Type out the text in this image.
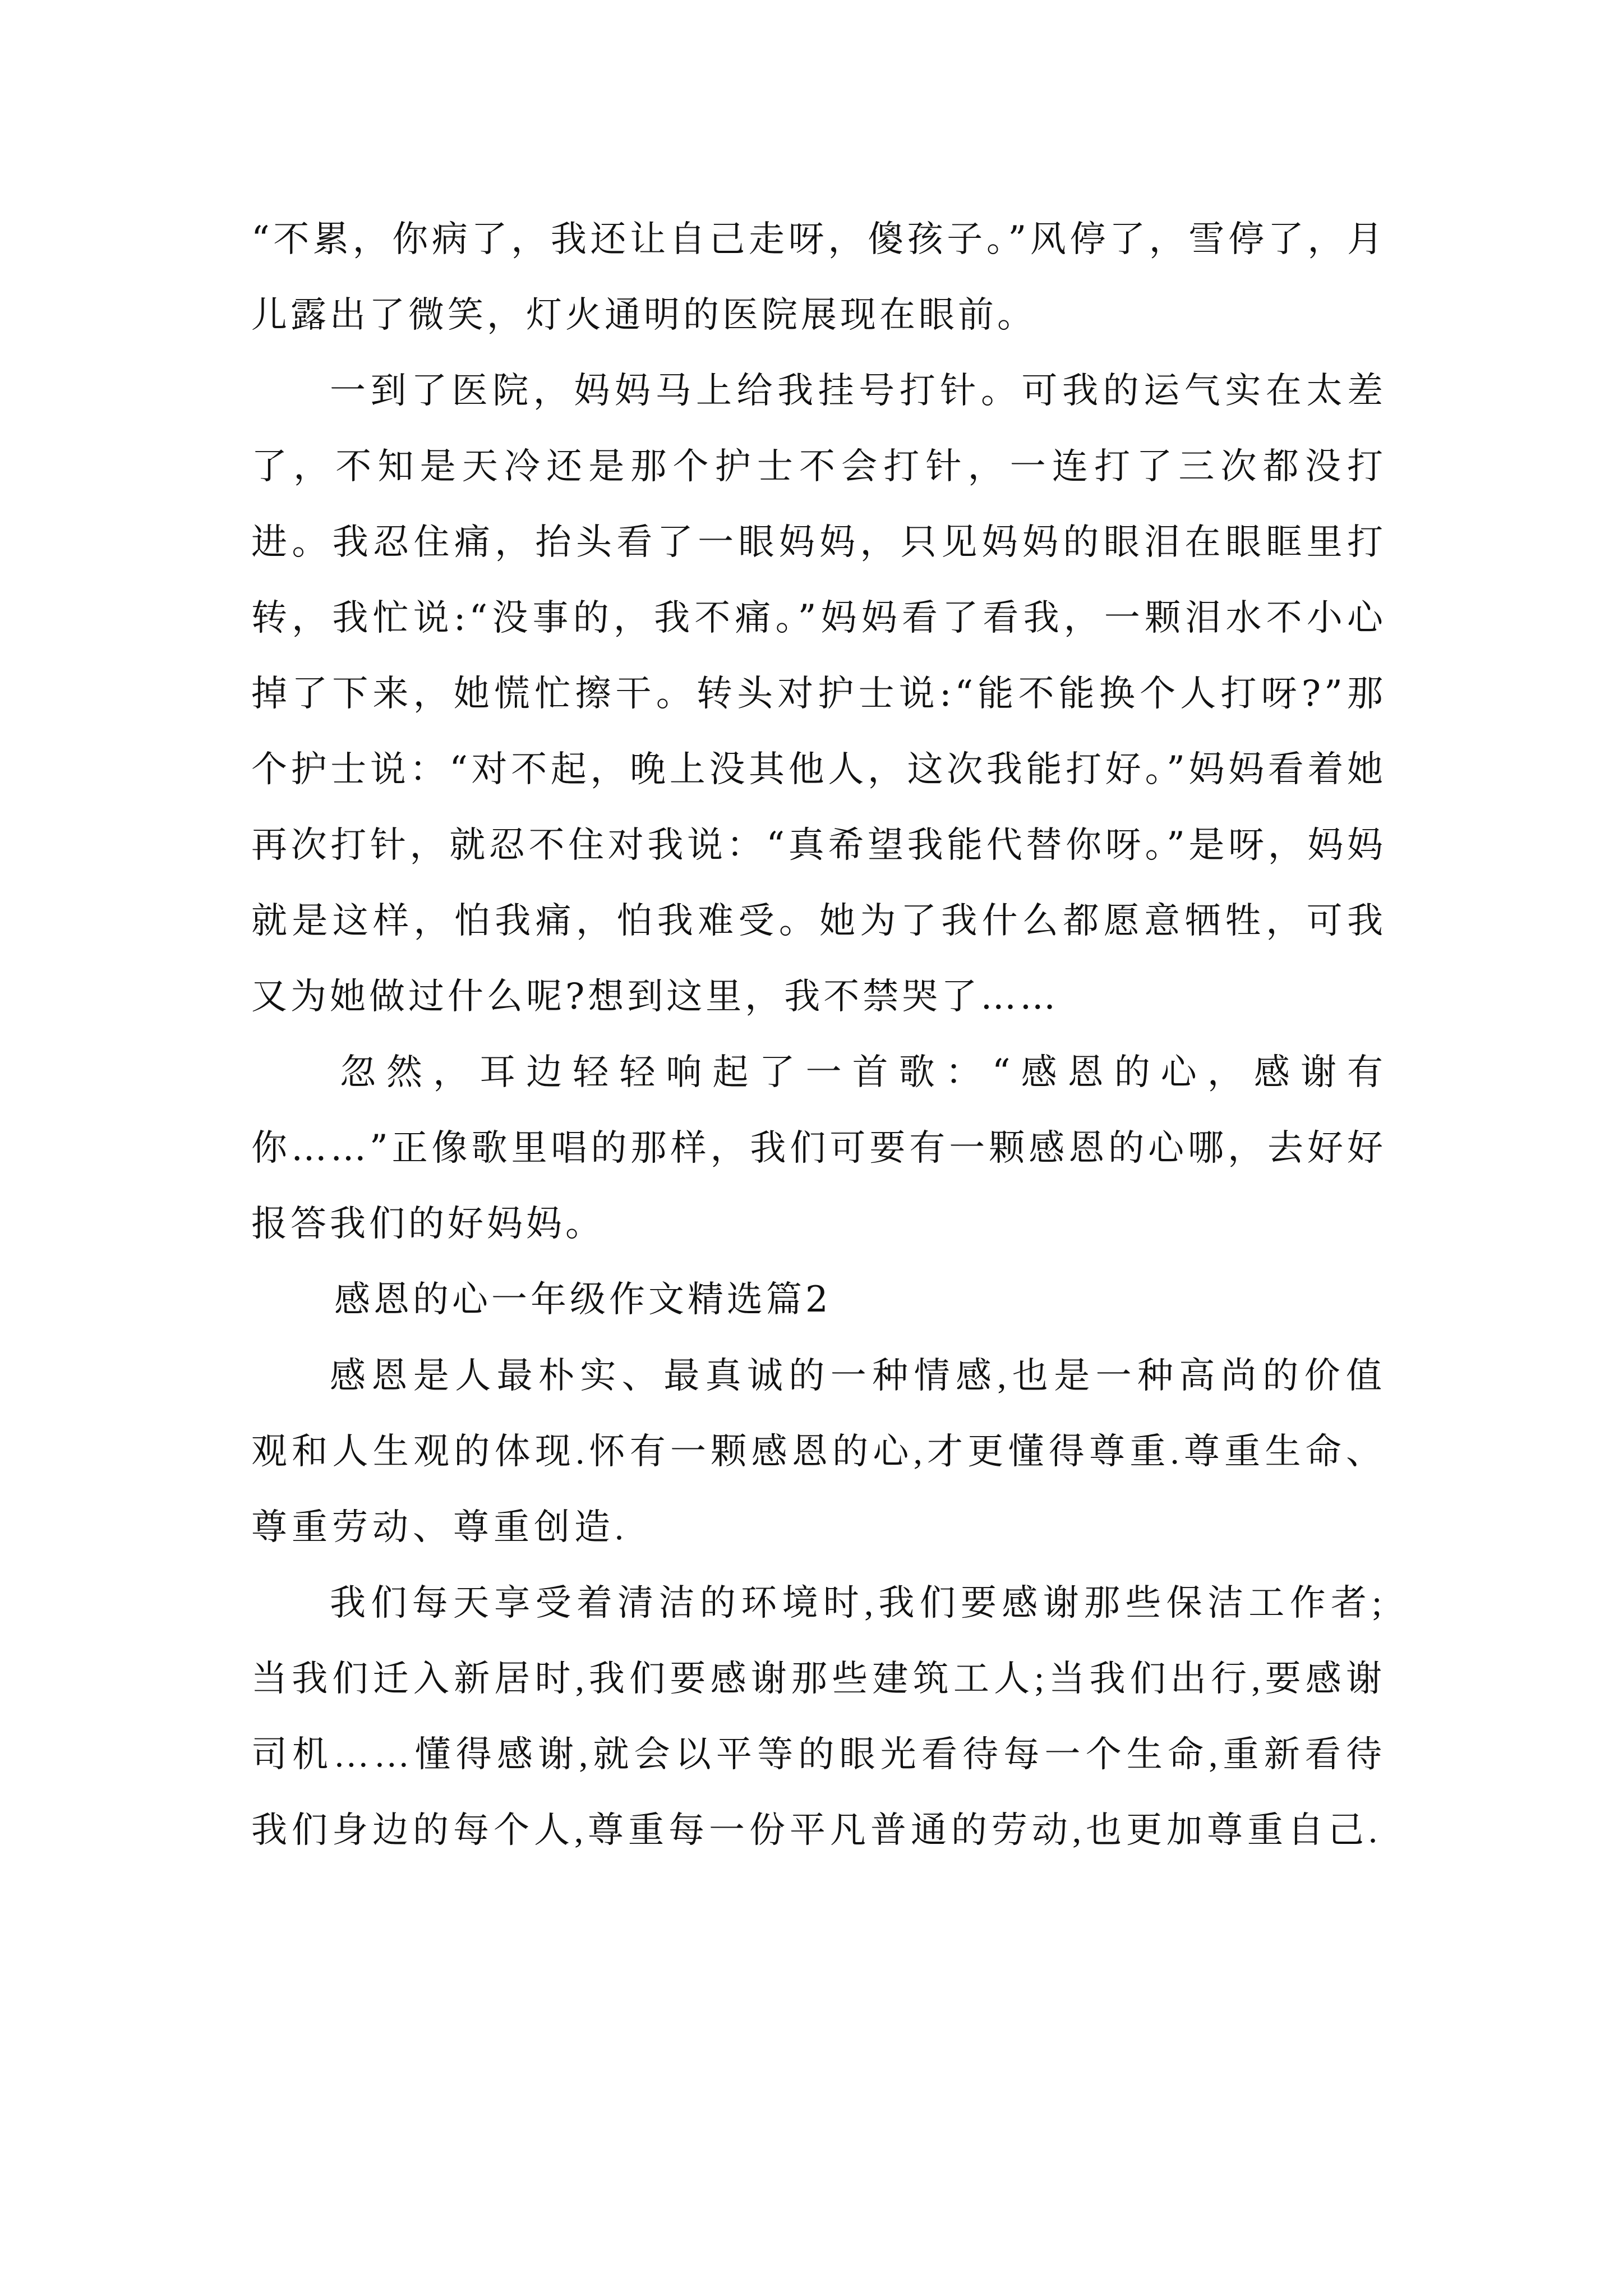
“不累，你病了，我还让自己走呀，傻孩子。”风停了，雪停了，月儿露出了微笑，灯火通明的医院展现在眼前。

一到了医院，妈妈马上给我挂号打针。可我的运气实在太差了，不知是天冷还是那个护士不会打针，一连打了三次都没打进。我忍住痛，抬头看了一眼妈妈，只见妈妈的眼泪在眼眶里打转，我忙说:“没事的，我不痛。”妈妈看了看我，一颗泪水不小心掉了下来，她慌忙擦干。转头对护士说:“能不能换个人打呀?”那个护士说：“对不起，晚上没其他人，这次我能打好。”妈妈看着她再次打针，就忍不住对我说：“真希望我能代替你呀。”是呀，妈妈就是这样，怕我痛，怕我难受。她为了我什么都愿意牺牲，可我又为她做过什么呢?想到这里，我不禁哭了……

忽然，耳边轻轻响起了一首歌：“感恩的心，感谢有你……”正像歌里唱的那样，我们可要有一颗感恩的心哪，去好好报答我们的好妈妈。

感恩的心一年级作文精选篇2

感恩是人最朴实、最真诚的一种情感,也是一种高尚的价值观和人生观的体现.怀有一颗感恩的心,才更懂得尊重.尊重生命、尊重劳动、尊重创造.

我们每天享受着清洁的环境时,我们要感谢那些保洁工作者;当我们迁入新居时,我们要感谢那些建筑工人;当我们出行,要感谢司机……懂得感谢,就会以平等的眼光看待每一个生命,重新看待我们身边的每个人,尊重每一份平凡普通的劳动,也更加尊重自己.
